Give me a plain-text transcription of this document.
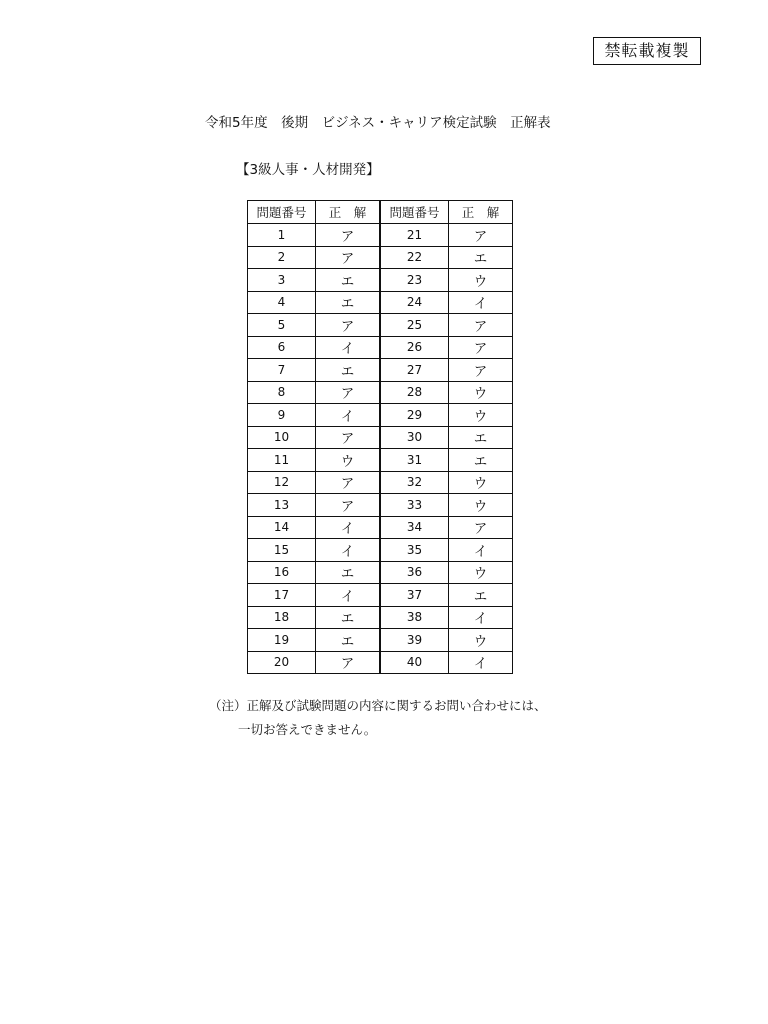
禁転載複製
令和5年度　後期　ビジネス・キャリア検定試験　正解表
【3級人事・人材開発】
問題番号	正　解	問題番号	正　解
1	ア	21	ア
2	ア	22	エ
3	エ	23	ウ
4	エ	24	イ
5	ア	25	ア
6	イ	26	ア
7	エ	27	ア
8	ア	28	ウ
9	イ	29	ウ
10	ア	30	エ
11	ウ	31	エ
12	ア	32	ウ
13	ア	33	ウ
14	イ	34	ア
15	イ	35	イ
16	エ	36	ウ
17	イ	37	エ
18	エ	38	イ
19	エ	39	ウ
20	ア	40	イ
（注）正解及び試験問題の内容に関するお問い合わせには、
一切お答えできません。
